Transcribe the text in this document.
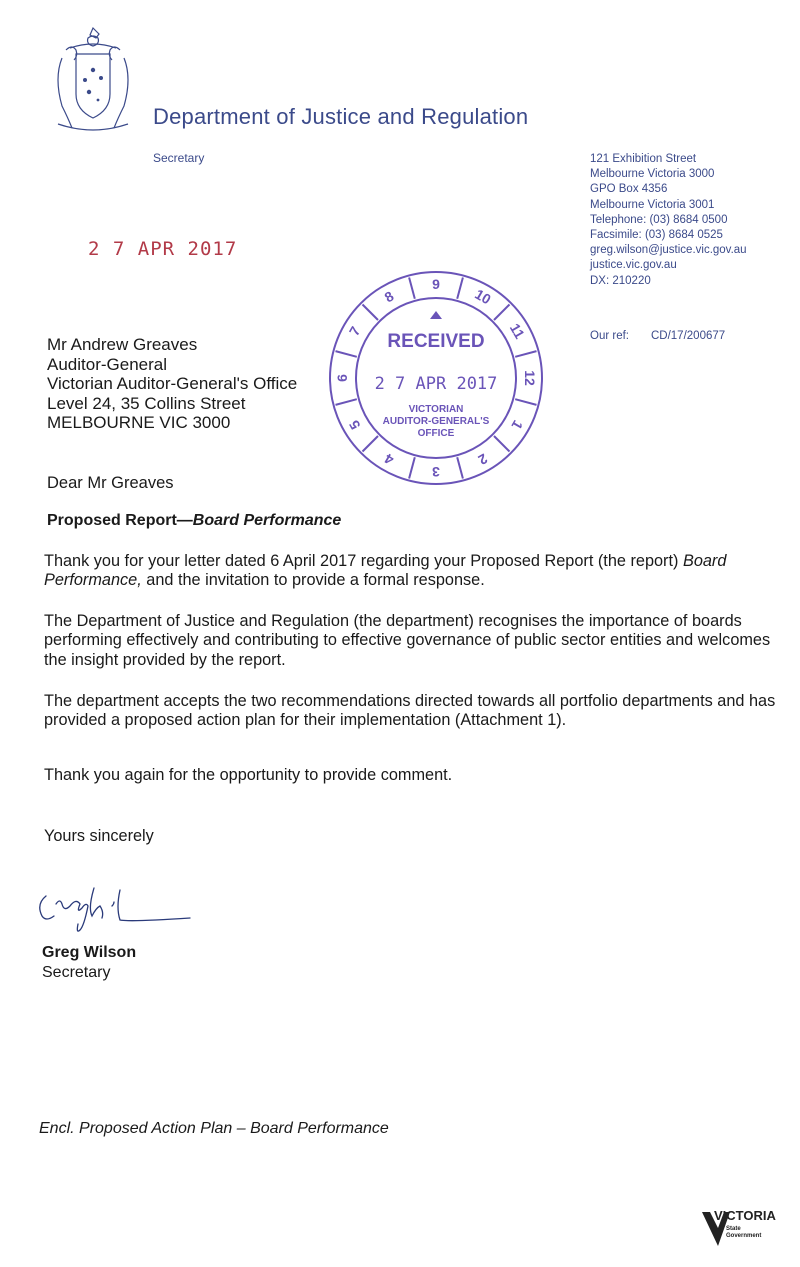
Department of Justice and Regulation
Secretary	121 Exhibition Street
Melbourne Victoria 3000
GPO Box 4356
Melbourne Victoria 3001
Telephone: (03) 8684 0500
Facsimile: (03) 8684 0525
greg.wilson@justice.vic.gov.au
justice.vic.gov.au
DX: 210220
2 7 APR 2017
9
10
11
12
1
2
3
4
5
6
7
8
RECEIVED
2 7 APR 2017
VICTORIAN
AUDITOR-GENERAL'S
OFFICE
Our ref: CD/17/200677
Mr Andrew Greaves
Auditor-General
Victorian Auditor-General's Office
Level 24, 35 Collins Street
MELBOURNE VIC 3000
Dear Mr Greaves
Proposed Report—Board Performance

Thank you for your letter dated 6 April 2017 regarding your Proposed Report (the report) Board Performance, and the invitation to provide a formal response.

The Department of Justice and Regulation (the department) recognises the importance of boards performing effectively and contributing to effective governance of public sector entities and welcomes the insight provided by the report.

The department accepts the two recommendations directed towards all portfolio departments and has provided a proposed action plan for their implementation (Attachment 1).

Thank you again for the opportunity to provide comment.

Yours sincerely
Greg Wilson
Secretary
Encl. Proposed Action Plan – Board Performance
VICTORIA
State
Government
